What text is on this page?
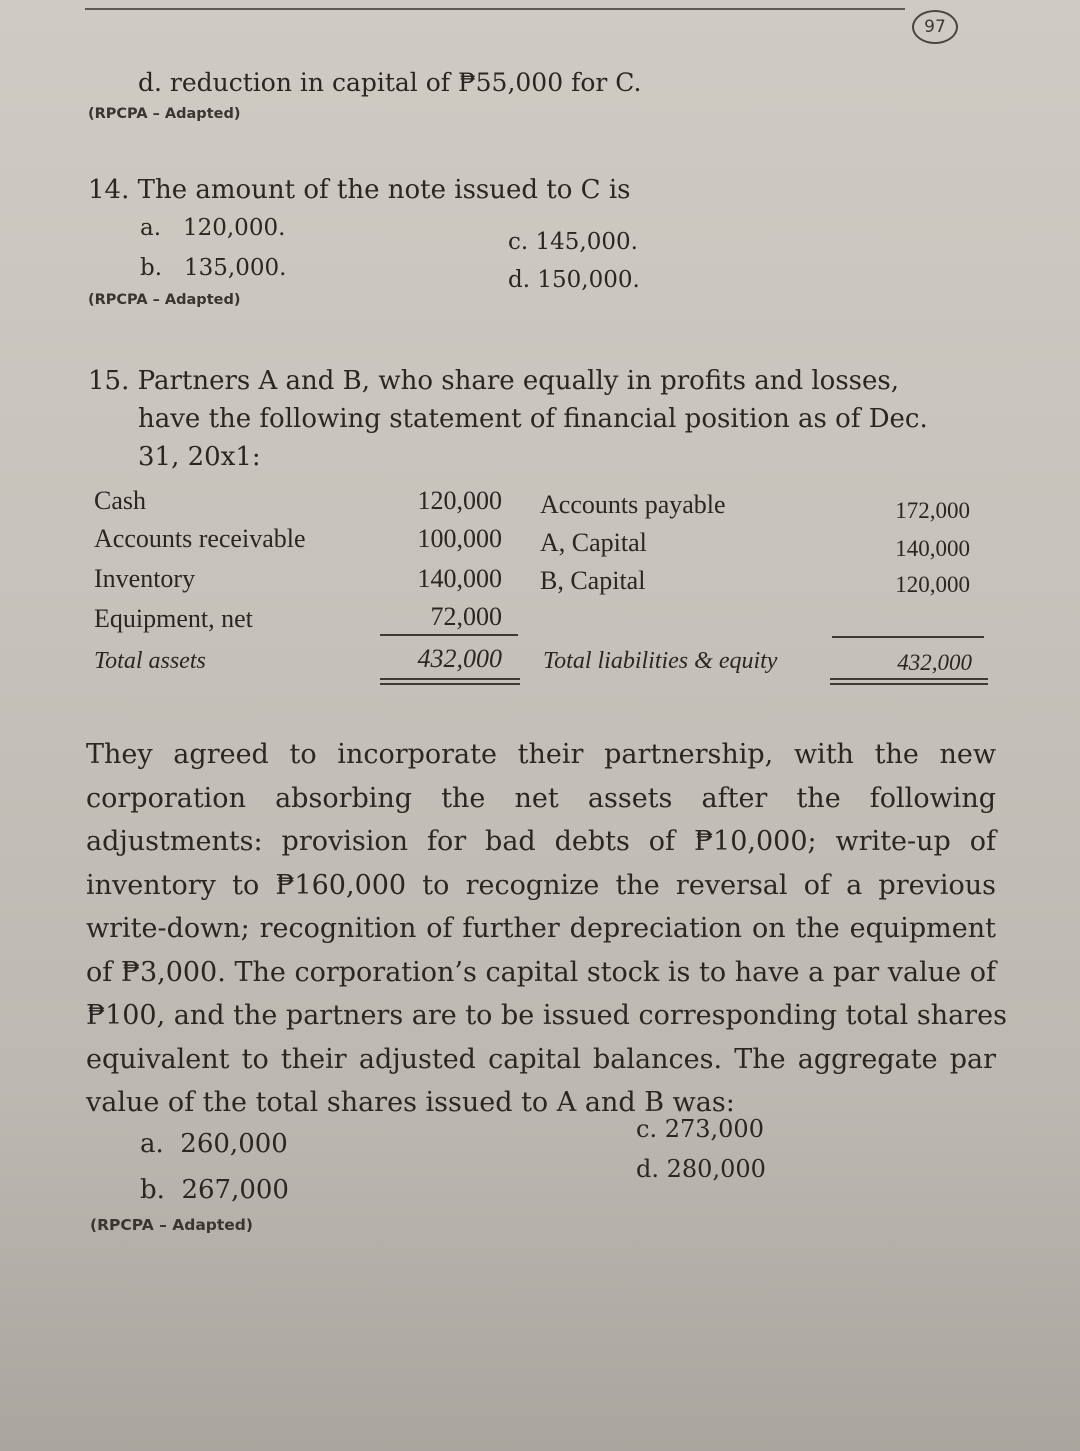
97
d. reduction in capital of ₱55,000 for C.
(RPCPA – Adapted)
14. The amount of the note issued to C is
a. 120,000.
b. 135,000.
c. 145,000.
d. 150,000.
(RPCPA – Adapted)
15. Partners A and B, who share equally in profits and losses,
have the following statement of financial position as of Dec.
31, 20x1:
Cash
Accounts receivable
Inventory
Equipment, net
Total assets
120,000
100,000
140,000
72,000
432,000
Accounts payable
A, Capital
B, Capital
Total liabilities & equity
172,000
140,000
120,000
432,000
They agreed to incorporate their partnership, with the new
corporation absorbing the net assets after the following
adjustments: provision for bad debts of ₱10,000; write-up of
inventory to ₱160,000 to recognize the reversal of a previous
write-down; recognition of further depreciation on the equipment
of ₱3,000. The corporation’s capital stock is to have a par value of
₱100, and the partners are to be issued corresponding total shares
equivalent to their adjusted capital balances. The aggregate par
value of the total shares issued to A and B was:
a. 260,000
b. 267,000
c. 273,000
d. 280,000
(RPCPA – Adapted)
